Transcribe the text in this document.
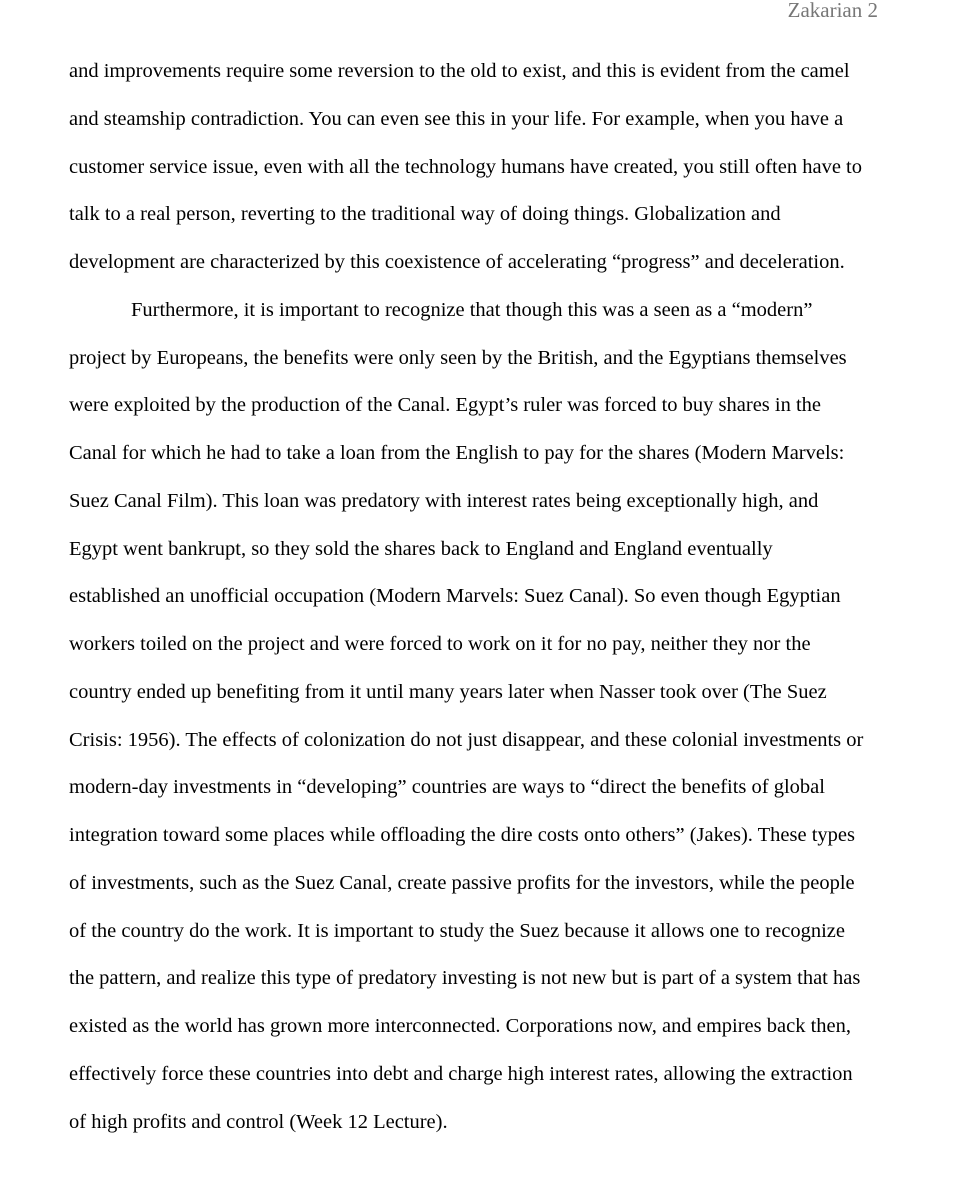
Zakarian 2
and improvements require some reversion to the old to exist, and this is evident from the camel
and steamship contradiction. You can even see this in your life. For example, when you have a
customer service issue, even with all the technology humans have created, you still often have to
talk to a real person, reverting to the traditional way of doing things. Globalization and
development are characterized by this coexistence of accelerating “progress” and deceleration.
Furthermore, it is important to recognize that though this was a seen as a “modern”
project by Europeans, the benefits were only seen by the British, and the Egyptians themselves
were exploited by the production of the Canal. Egypt’s ruler was forced to buy shares in the
Canal for which he had to take a loan from the English to pay for the shares (Modern Marvels:
Suez Canal Film). This loan was predatory with interest rates being exceptionally high, and
Egypt went bankrupt, so they sold the shares back to England and England eventually
established an unofficial occupation (Modern Marvels: Suez Canal). So even though Egyptian
workers toiled on the project and were forced to work on it for no pay, neither they nor the
country ended up benefiting from it until many years later when Nasser took over (The Suez
Crisis: 1956). The effects of colonization do not just disappear, and these colonial investments or
modern-day investments in “developing” countries are ways to “direct the benefits of global
integration toward some places while offloading the dire costs onto others” (Jakes). These types
of investments, such as the Suez Canal, create passive profits for the investors, while the people
of the country do the work. It is important to study the Suez because it allows one to recognize
the pattern, and realize this type of predatory investing is not new but is part of a system that has
existed as the world has grown more interconnected. Corporations now, and empires back then,
effectively force these countries into debt and charge high interest rates, allowing the extraction
of high profits and control (Week 12 Lecture).
